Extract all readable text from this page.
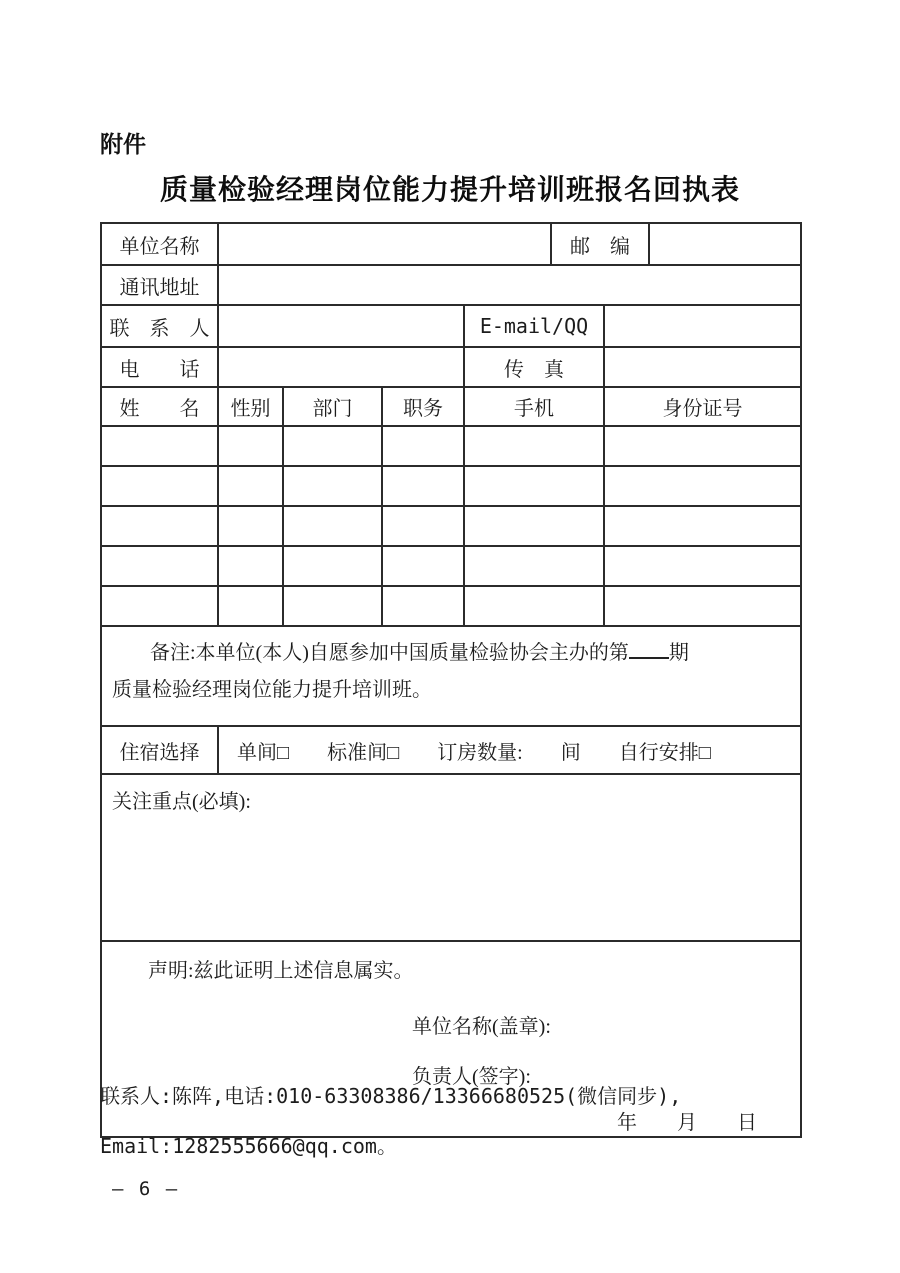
附件
质量检验经理岗位能力提升培训班报名回执表
单位名称					邮　编		
通讯地址							
联　系　人				E-mail/QQ			
电　　话				传　真			
姓　　名	性别	部门	职务	手机		身份证号	

备注:本单位(本人)自愿参加中国质量检验协会主办的第 期
质量检验经理岗位能力提升培训班。							

住宿选择	单间□ 标准间□ 订房数量: 间 自行安排□						
关注重点(必填):							

声明:兹此证明上述信息属实。
单位名称(盖章):
负责人(签字):
年　　月　　日							
联系人:陈阵,电话:010-63308386/13366680525(微信同步),
Email:1282555666@qq.com。
— 6 —
